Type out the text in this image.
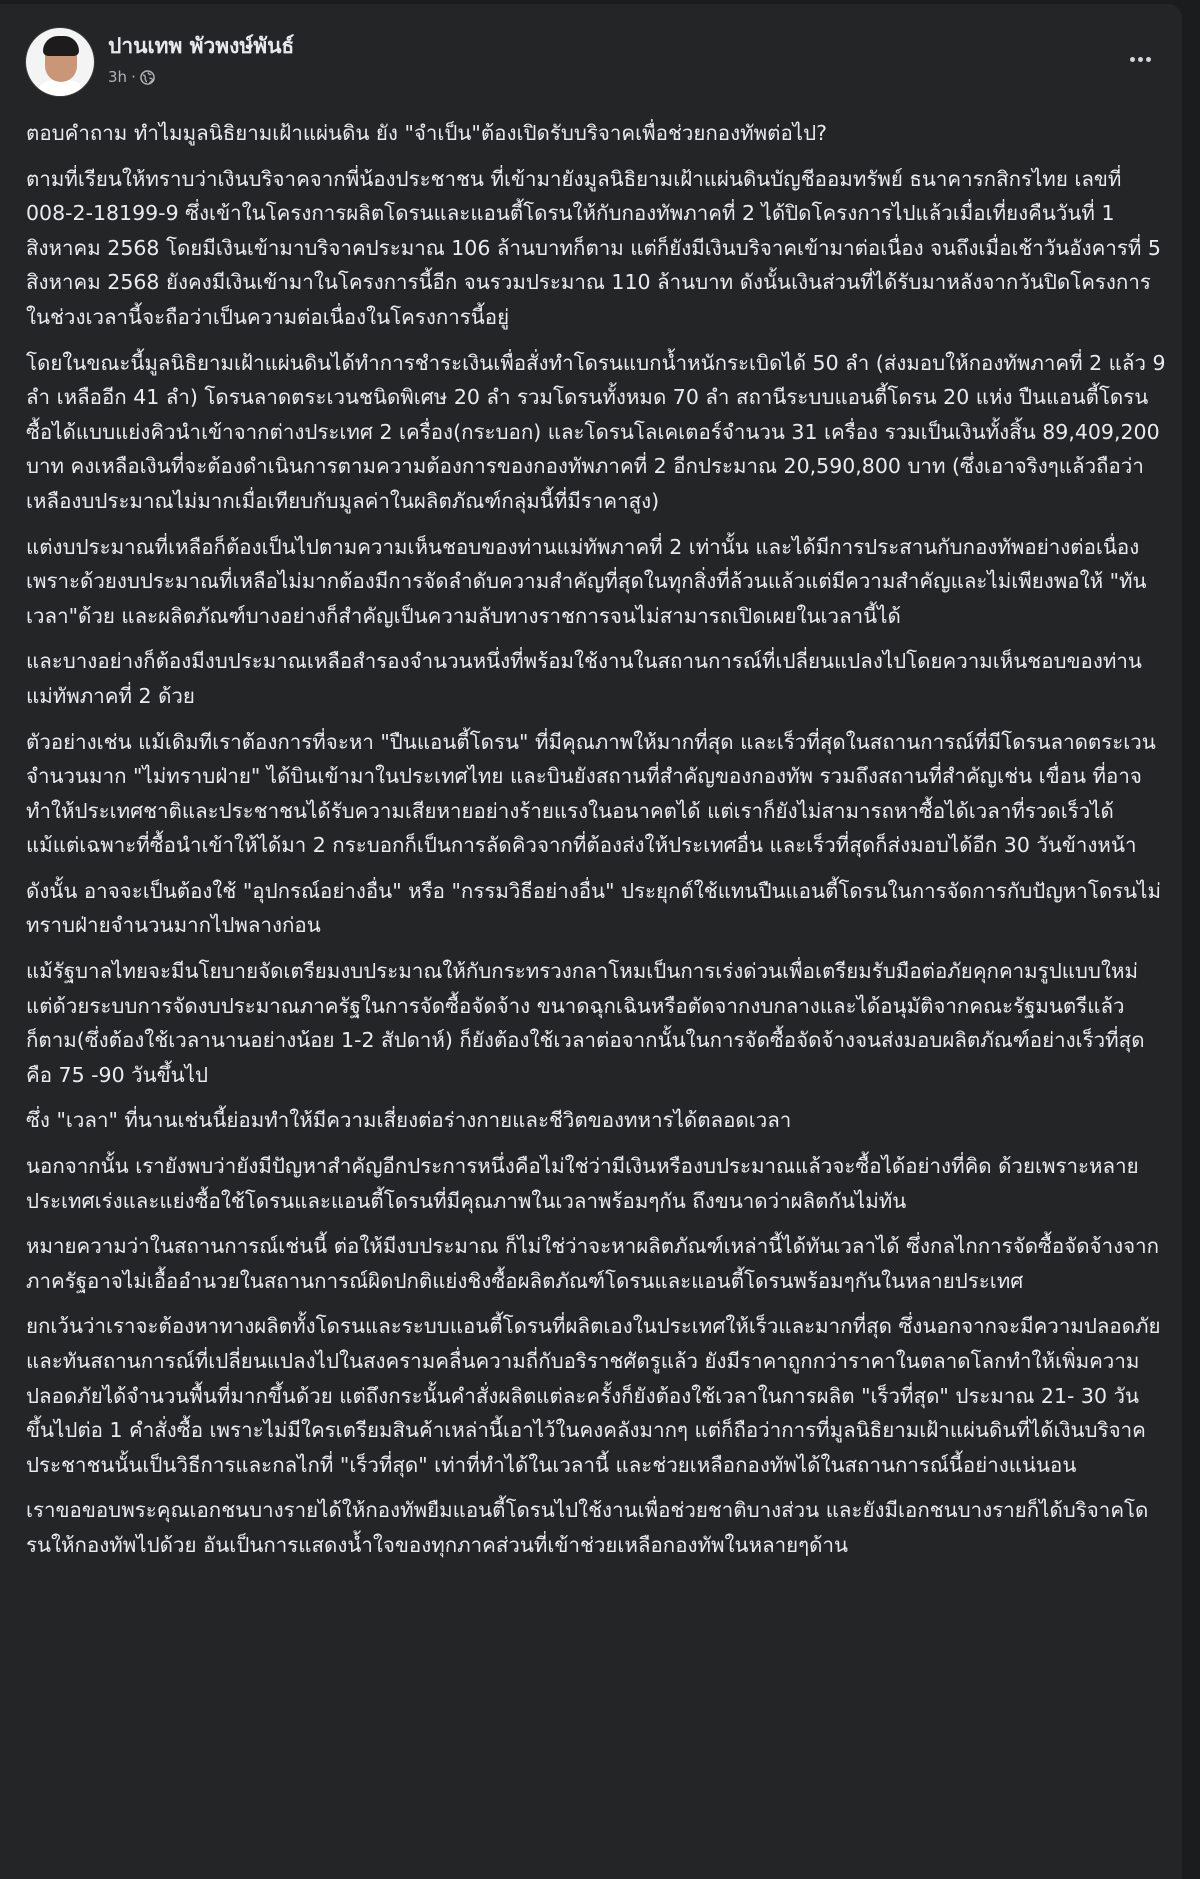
ปานเทพ พัวพงษ์พันธ์
3h ·

ตอบคำถาม ทำไมมูลนิธิยามเฝ้าแผ่นดิน ยัง "จำเป็น"ต้องเปิดรับบริจาคเพื่อช่วยกองทัพต่อไป?

ตามที่เรียนให้ทราบว่าเงินบริจาคจากพี่น้องประชาชน ที่เข้ามายังมูลนิธิยามเฝ้าแผ่นดินบัญชีออมทรัพย์ ธนาคารกสิกรไทย เลขที่ 008-2-18199-9 ซึ่งเข้าในโครงการผลิตโดรนและแอนตี้โดรนให้กับกองทัพภาคที่ 2 ได้ปิดโครงการไปแล้วเมื่อเที่ยงคืนวันที่ 1 สิงหาคม 2568 โดยมีเงินเข้ามาบริจาคประมาณ 106 ล้านบาทก็ตาม แต่ก็ยังมีเงินบริจาคเข้ามาต่อเนื่อง จนถึงเมื่อเช้าวันอังคารที่ 5 สิงหาคม 2568 ยังคงมีเงินเข้ามาในโครงการนี้อีก จนรวมประมาณ 110 ล้านบาท ดังนั้นเงินส่วนที่ได้รับมาหลังจากวันปิดโครงการในช่วงเวลานี้จะถือว่าเป็นความต่อเนื่องในโครงการนี้อยู่

โดยในขณะนี้มูลนิธิยามเฝ้าแผ่นดินได้ทำการชำระเงินเพื่อสั่งทำโดรนแบกน้ำหนักระเบิดได้ 50 ลำ (ส่งมอบให้กองทัพภาคที่ 2 แล้ว 9 ลำ เหลืออีก 41 ลำ) โดรนลาดตระเวนชนิดพิเศษ 20 ลำ รวมโดรนทั้งหมด 70 ลำ สถานีระบบแอนตี้โดรน 20 แห่ง ปืนแอนตี้โดรน ซื้อได้แบบแย่งคิวนำเข้าจากต่างประเทศ 2 เครื่อง(กระบอก) และโดรนโลเคเตอร์จำนวน 31 เครื่อง รวมเป็นเงินทั้งสิ้น 89,409,200 บาท คงเหลือเงินที่จะต้องดำเนินการตามความต้องการของกองทัพภาคที่ 2 อีกประมาณ 20,590,800 บาท (ซึ่งเอาจริงๆแล้วถือว่าเหลืองบประมาณไม่มากเมื่อเทียบกับมูลค่าในผลิตภัณฑ์กลุ่มนี้ที่มีราคาสูง)

แต่งบประมาณที่เหลือก็ต้องเป็นไปตามความเห็นชอบของท่านแม่ทัพภาคที่ 2 เท่านั้น และได้มีการประสานกับกองทัพอย่างต่อเนื่อง เพราะด้วยงบประมาณที่เหลือไม่มากต้องมีการจัดลำดับความสำคัญที่สุดในทุกสิ่งที่ล้วนแล้วแต่มีความสำคัญและไม่เพียงพอให้ "ทันเวลา"ด้วย และผลิตภัณฑ์บางอย่างก็สำคัญเป็นความลับทางราชการจนไม่สามารถเปิดเผยในเวลานี้ได้

และบางอย่างก็ต้องมีงบประมาณเหลือสำรองจำนวนหนึ่งที่พร้อมใช้งานในสถานการณ์ที่เปลี่ยนแปลงไปโดยความเห็นชอบของท่านแม่ทัพภาคที่ 2 ด้วย

ตัวอย่างเช่น แม้เดิมทีเราต้องการที่จะหา "ปืนแอนตี้โดรน" ที่มีคุณภาพให้มากที่สุด และเร็วที่สุดในสถานการณ์ที่มีโดรนลาดตระเวนจำนวนมาก "ไม่ทราบฝ่าย" ได้บินเข้ามาในประเทศไทย และบินยังสถานที่สำคัญของกองทัพ รวมถึงสถานที่สำคัญเช่น เขื่อน ที่อาจทำให้ประเทศชาติและประชาชนได้รับความเสียหายอย่างร้ายแรงในอนาคตได้ แต่เราก็ยังไม่สามารถหาซื้อได้เวลาที่รวดเร็วได้ แม้แต่เฉพาะที่ซื้อนำเข้าให้ได้มา 2 กระบอกก็เป็นการลัดคิวจากที่ต้องส่งให้ประเทศอื่น และเร็วที่สุดก็ส่งมอบได้อีก 30 วันข้างหน้า

ดังนั้น อาจจะเป็นต้องใช้ "อุปกรณ์อย่างอื่น" หรือ "กรรมวิธีอย่างอื่น" ประยุกต์ใช้แทนปืนแอนตี้โดรนในการจัดการกับปัญหาโดรนไม่ทราบฝ่ายจำนวนมากไปพลางก่อน

แม้รัฐบาลไทยจะมีนโยบายจัดเตรียมงบประมาณให้กับกระทรวงกลาโหมเป็นการเร่งด่วนเพื่อเตรียมรับมือต่อภัยคุกคามรูปแบบใหม่ แต่ด้วยระบบการจัดงบประมาณภาครัฐในการจัดซื้อจัดจ้าง ขนาดฉุกเฉินหรือตัดจากงบกลางและได้อนุมัติจากคณะรัฐมนตรีแล้วก็ตาม(ซึ่งต้องใช้เวลานานอย่างน้อย 1-2 สัปดาห์) ก็ยังต้องใช้เวลาต่อจากนั้นในการจัดซื้อจัดจ้างจนส่งมอบผลิตภัณฑ์อย่างเร็วที่สุดคือ 75 -90 วันขึ้นไป

ซึ่ง "เวลา" ที่นานเช่นนี้ย่อมทำให้มีความเสี่ยงต่อร่างกายและชีวิตของทหารได้ตลอดเวลา

นอกจากนั้น เรายังพบว่ายังมีปัญหาสำคัญอีกประการหนึ่งคือไม่ใช่ว่ามีเงินหรืองบประมาณแล้วจะซื้อได้อย่างที่คิด ด้วยเพราะหลายประเทศเร่งและแย่งซื้อใช้โดรนและแอนตี้โดรนที่มีคุณภาพในเวลาพร้อมๆกัน ถึงขนาดว่าผลิตกันไม่ทัน

หมายความว่าในสถานการณ์เช่นนี้ ต่อให้มีงบประมาณ ก็ไม่ใช่ว่าจะหาผลิตภัณฑ์เหล่านี้ได้ทันเวลาได้ ซึ่งกลไกการจัดซื้อจัดจ้างจากภาครัฐอาจไม่เอื้ออำนวยในสถานการณ์ผิดปกติแย่งชิงซื้อผลิตภัณฑ์โดรนและแอนตี้โดรนพร้อมๆกันในหลายประเทศ

ยกเว้นว่าเราจะต้องหาทางผลิตทั้งโดรนและระบบแอนตี้โดรนที่ผลิตเองในประเทศให้เร็วและมากที่สุด ซึ่งนอกจากจะมีความปลอดภัยและทันสถานการณ์ที่เปลี่ยนแปลงไปในสงครามคลื่นความถี่กับอริราชศัตรูแล้ว ยังมีราคาถูกกว่าราคาในตลาดโลกทำให้เพิ่มความปลอดภัยได้จำนวนพื้นที่มากขึ้นด้วย แต่ถึงกระนั้นคำสั่งผลิตแต่ละครั้งก็ยังต้องใช้เวลาในการผลิต "เร็วที่สุด" ประมาณ 21- 30 วัน ขึ้นไปต่อ 1 คำสั่งซื้อ เพราะไม่มีใครเตรียมสินค้าเหล่านี้เอาไว้ในคงคลังมากๆ แต่ก็ถือว่าการที่มูลนิธิยามเฝ้าแผ่นดินที่ได้เงินบริจาคประชาชนนั้นเป็นวิธีการและกลไกที่ "เร็วที่สุด" เท่าที่ทำได้ในเวลานี้ และช่วยเหลือกองทัพได้ในสถานการณ์นี้อย่างแน่นอน

เราขอขอบพระคุณเอกชนบางรายได้ให้กองทัพยืมแอนตี้โดรนไปใช้งานเพื่อช่วยชาติบางส่วน และยังมีเอกชนบางรายก็ได้บริจาคโดรนให้กองทัพไปด้วย อันเป็นการแสดงน้ำใจของทุกภาคส่วนที่เข้าช่วยเหลือกองทัพในหลายๆด้าน
